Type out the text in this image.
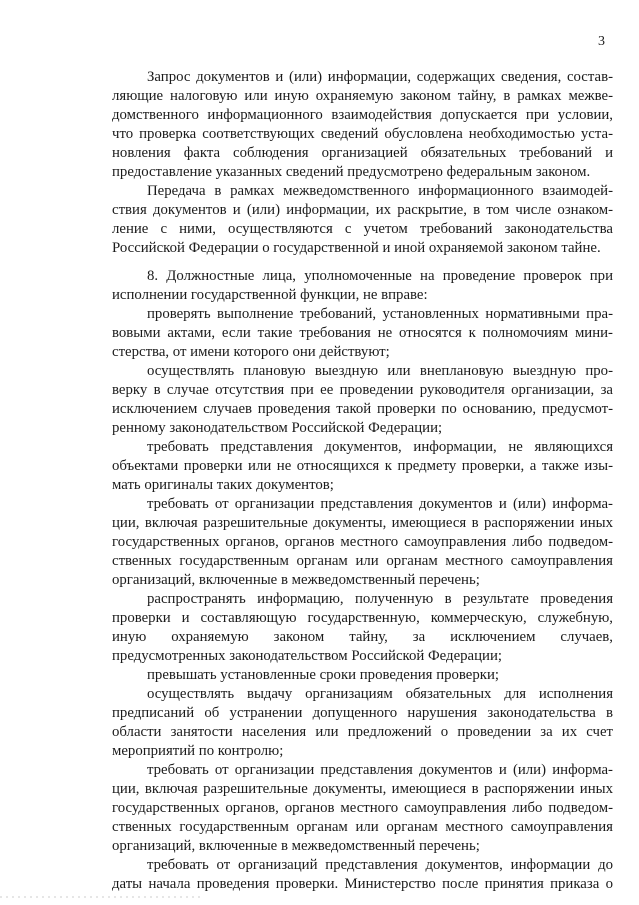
3
Запрос документов и (или) информации, содержащих сведения, состав-
ляющие налоговую или иную охраняемую законом тайну, в рамках межве-
домственного информационного взаимодействия допускается при условии,
что проверка соответствующих сведений обусловлена необходимостью уста-
новления факта соблюдения организацией обязательных требований и
предоставление указанных сведений предусмотрено федеральным законом.
Передача в рамках межведомственного информационного взаимодей-
ствия документов и (или) информации, их раскрытие, в том числе ознаком-
ление с ними, осуществляются с учетом требований законодательства
Российской Федерации о государственной и иной охраняемой законом тайне.
8. Должностные лица, уполномоченные на проведение проверок при
исполнении государственной функции, не вправе:
проверять выполнение требований, установленных нормативными пра-
вовыми актами, если такие требования не относятся к полномочиям мини-
стерства, от имени которого они действуют;
осуществлять плановую выездную или внеплановую выездную про-
верку в случае отсутствия при ее проведении руководителя организации, за
исключением случаев проведения такой проверки по основанию, предусмот-
ренному законодательством Российской Федерации;
требовать представления документов, информации, не являющихся
объектами проверки или не относящихся к предмету проверки, а также изы-
мать оригиналы таких документов;
требовать от организации представления документов и (или) информа-
ции, включая разрешительные документы, имеющиеся в распоряжении иных
государственных органов, органов местного самоуправления либо подведом-
ственных государственным органам или органам местного самоуправления
организаций, включенные в межведомственный перечень;
распространять информацию, полученную в результате проведения
проверки и составляющую государственную, коммерческую, служебную,
иную охраняемую законом тайну, за исключением случаев,
предусмотренных законодательством Российской Федерации;
превышать установленные сроки проведения проверки;
осуществлять выдачу организациям обязательных для исполнения
предписаний об устранении допущенного нарушения законодательства в
области занятости населения или предложений о проведении за их счет
мероприятий по контролю;
требовать от организации представления документов и (или) информа-
ции, включая разрешительные документы, имеющиеся в распоряжении иных
государственных органов, органов местного самоуправления либо подведом-
ственных государственным органам или органам местного самоуправления
организаций, включенные в межведомственный перечень;
требовать от организаций представления документов, информации до
даты начала проведения проверки. Министерство после принятия приказа о
